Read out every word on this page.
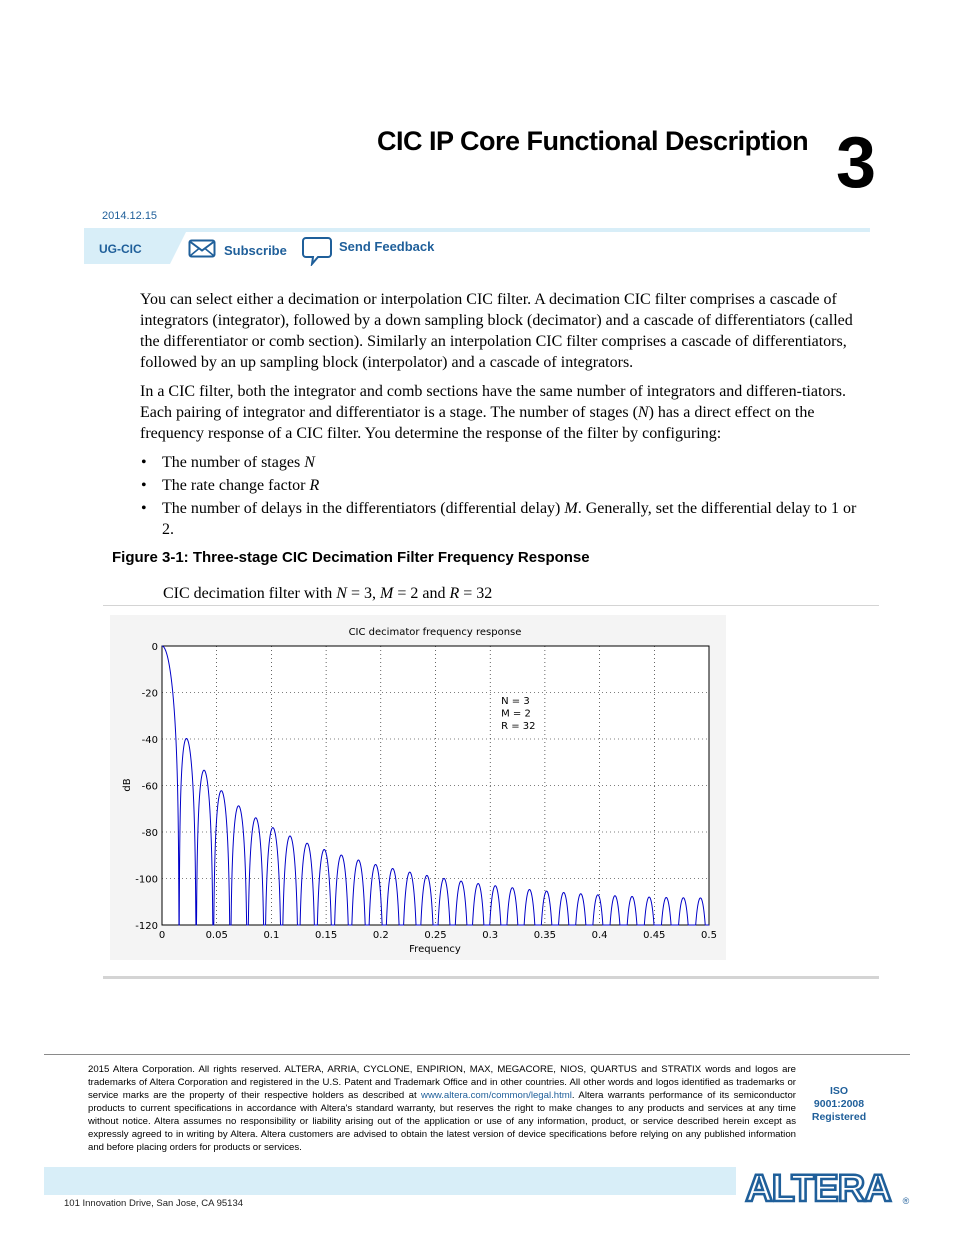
CIC IP Core Functional Description 3
2014.12.15
UG-CIC	Subscribe	Send Feedback
You can select either a decimation or interpolation CIC filter. A decimation CIC filter comprises a cascade of integrators (integrator), followed by a down sampling block (decimator) and a cascade of differentiators (called the differentiator or comb section). Similarly an interpolation CIC filter comprises a cascade of differentiators, followed by an up sampling block (interpolator) and a cascade of integrators.
In a CIC filter, both the integrator and comb sections have the same number of integrators and differen-tiators. Each pairing of integrator and differentiator is a stage. The number of stages (N) has a direct effect on the frequency response of a CIC filter. You determine the response of the filter by configuring:
• The number of stages N
• The rate change factor R
• The number of delays in the differentiators (differential delay) M. Generally, set the differential delay to 1 or 2.
Figure 3-1: Three-stage CIC Decimation Filter Frequency Response
CIC decimation filter with N = 3, M = 2 and R = 32
0	0.05	0.1	0.15	0.2	0.25	0.3	0.35	0.4	0.45	0.5
0
-20
-40
-60
-80
-100
-120
CIC decimator frequency response
Frequency
dB
N = 3
M = 2
R = 32
2015 Altera Corporation. All rights reserved. ALTERA, ARRIA, CYCLONE, ENPIRION, MAX, MEGACORE, NIOS, QUARTUS and STRATIX words and logos are trademarks of Altera Corporation and registered in the U.S. Patent and Trademark Office and in other countries. All other words and logos identified as trademarks or service marks are the property of their respective holders as described at www.altera.com/common/legal.html. Altera warrants performance of its semiconductor products to current specifications in accordance with Altera's standard warranty, but reserves the right to make changes to any products and services at any time without notice. Altera assumes no responsibility or liability arising out of the application or use of any information, product, or service described herein except as expressly agreed to in writing by Altera. Altera customers are advised to obtain the latest version of device specifications before relying on any published information and before placing orders for products or services.
ISO
9001:2008
Registered
101 Innovation Drive, San Jose, CA 95134	ALTERA ®
